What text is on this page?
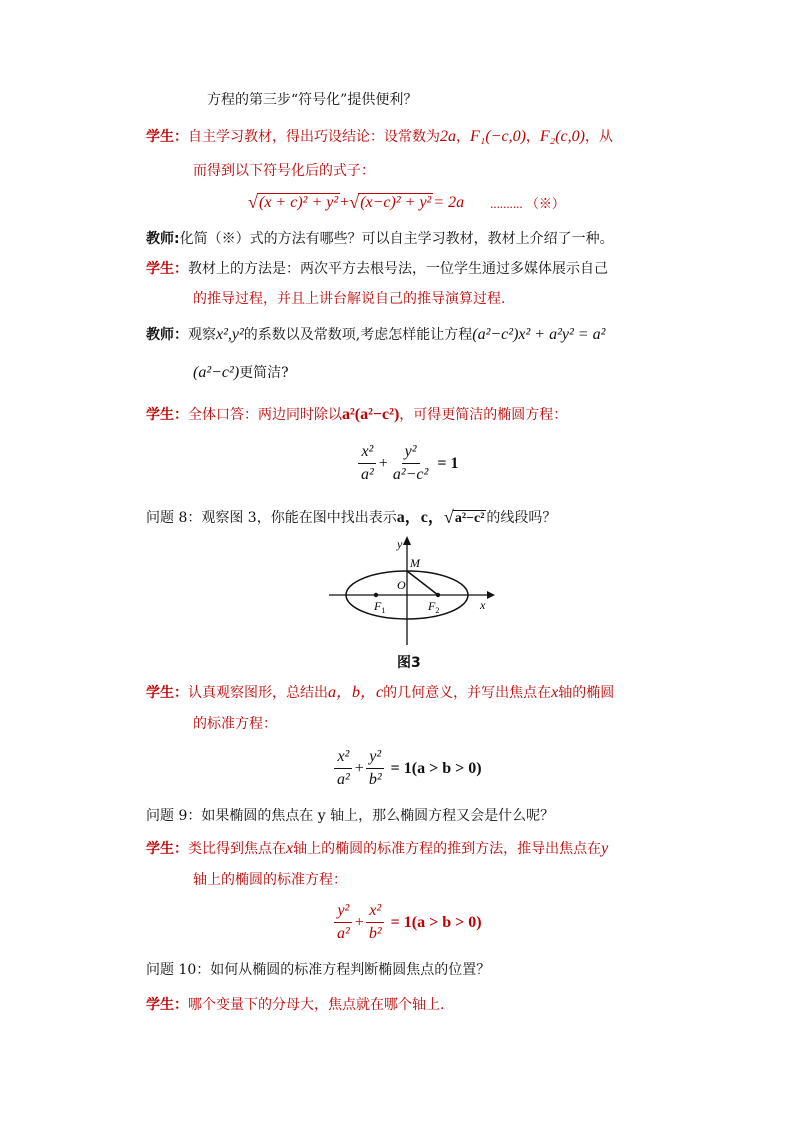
方程的第三步“符号化”提供便利？
学生：自主学习教材，得出巧设结论：设常数为2a，F₁(−c,0)，F₂(c,0)，从
而得到以下符号化后的式子：
√ (x + c)² + y² + √ (x−c)² + y² = 2a .......... （※）
教师:化简（※）式的方法有哪些？可以自主学习教材，教材上介绍了一种。
学生：教材上的方法是：两次平方去根号法，一位学生通过多媒体展示自己
的推导过程，并且上讲台解说自己的推导演算过程.
教师：观察x²,y²的系数以及常数项,考虑怎样能让方程(a²−c²)x² + a²y² = a²
(a²−c²)更简洁?
学生：全体口答：两边同时除以a²(a²−c²)，可得更简洁的椭圆方程：
$\frac{\text{x²}}{\text{a²}} + \frac{\text{y²}}{\text{a²−c²}} = 1$
问题 8：观察图 3，你能在图中找出表示a，c， √ a²−c² 的线段吗？
y
x
M
O
$F_1$	$F_2$
图3
学生：认真观察图形，总结出a，b，c的几何意义，并写出焦点在x轴的椭圆
的标准方程：
$\frac{\text{x²}}{\text{a²}} + \frac{\text{y²}}{\text{b²}} = 1(a > b > 0)$
问题 9：如果椭圆的焦点在 y 轴上，那么椭圆方程又会是什么呢？
学生：类比得到焦点在x轴上的椭圆的标准方程的推到方法，推导出焦点在y
轴上的椭圆的标准方程：
$\frac{\text{y²}}{\text{a²}} + \frac{\text{x²}}{\text{b²}} = 1(a > b > 0)$
问题 10：如何从椭圆的标准方程判断椭圆焦点的位置？
学生：哪个变量下的分母大，焦点就在哪个轴上.
